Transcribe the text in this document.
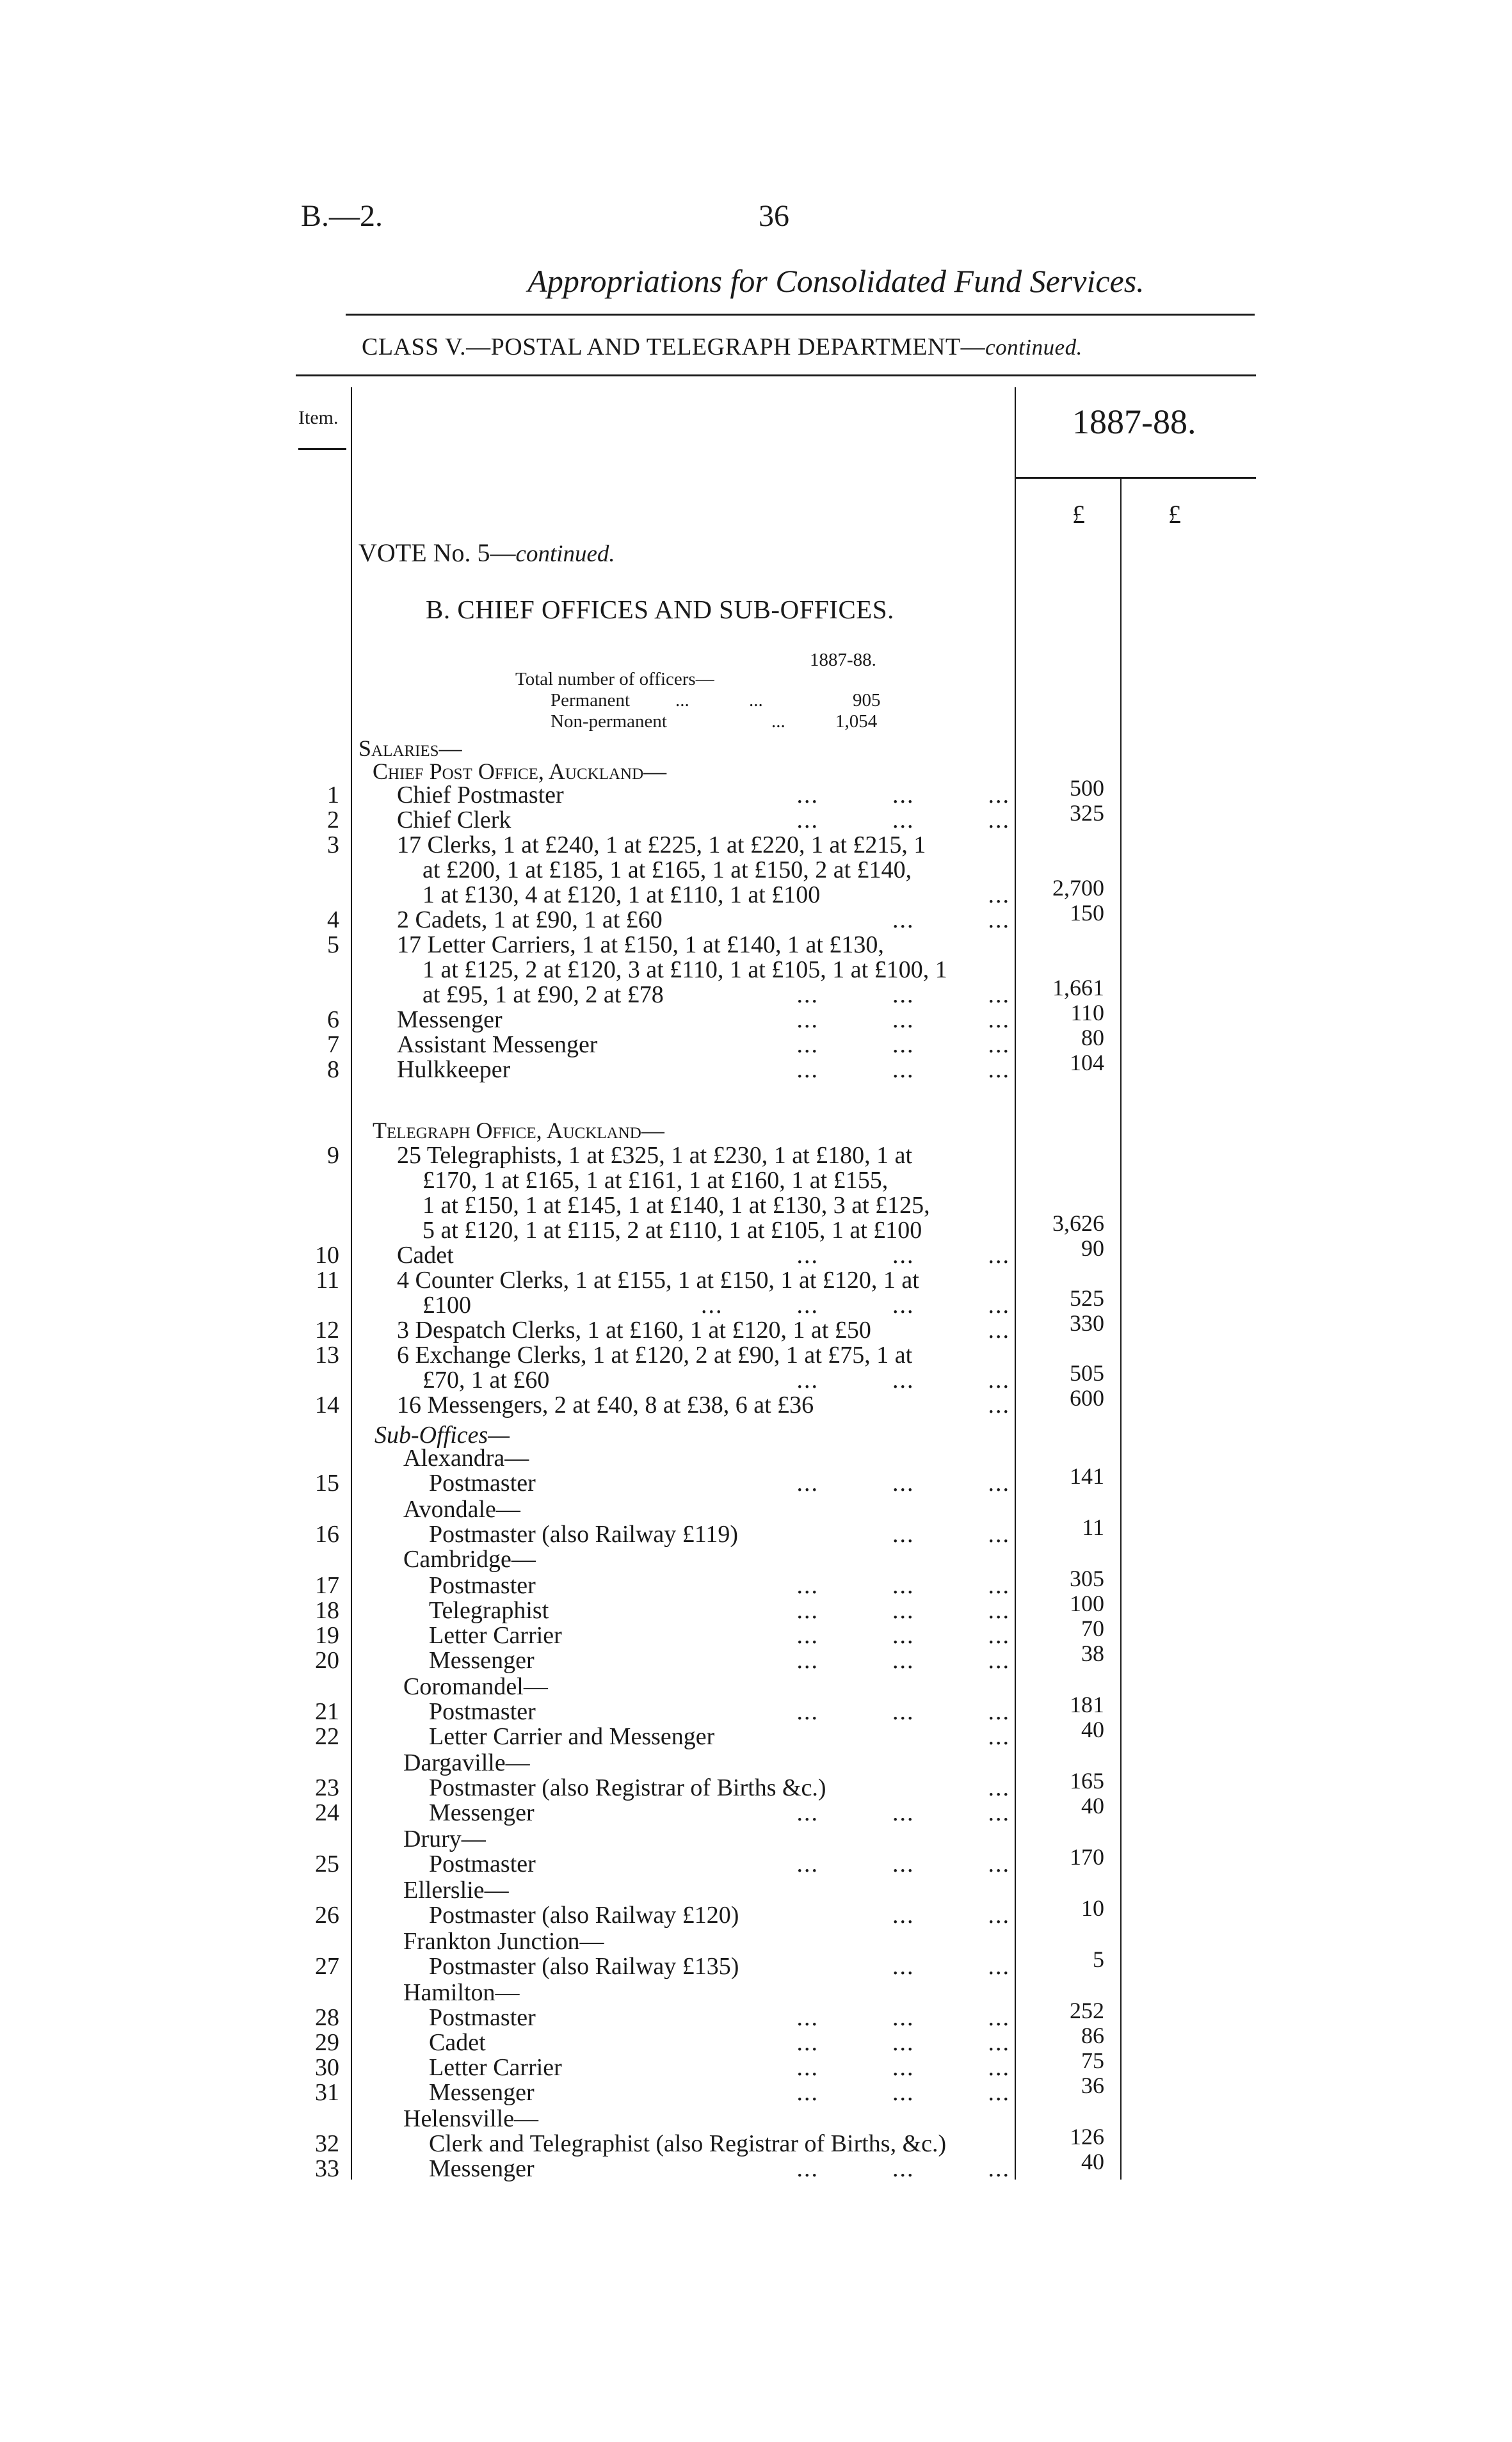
B.—2.	36
Appropriations for Consolidated Fund Services.
CLASS V.—POSTAL AND TELEGRAPH DEPARTMENT—continued.
Item.	1887-88.
£	£
VOTE No. 5—continued.
B. CHIEF OFFICES AND SUB-OFFICES.
1887-88.
Total number of officers—
Permanent ...	...	905
Non-permanent	...	1,054
Salaries—
Chief Post Office, Auckland—
Telegraph Office, Auckland—
Sub-Offices—
1 Chief Postmaster	...          ...          ...	500
2 Chief Clerk	...          ...          ...	325
3 17 Clerks, 1 at £240, 1 at £225, 1 at £220, 1 at £215, 1
at £200, 1 at £185, 1 at £165, 1 at £150, 2 at £140,
1 at £130, 4 at £120, 1 at £110, 1 at £100	...	2,700
4 2 Cadets, 1 at £90, 1 at £60	...          ...	150
5 17 Letter Carriers, 1 at £150, 1 at £140, 1 at £130,
1 at £125, 2 at £120, 3 at £110, 1 at £105, 1 at £100, 1
at £95, 1 at £90, 2 at £78	...          ...          ...	1,661
6 Messenger	...          ...          ...	110
7 Assistant Messenger	...          ...          ...	80
8 Hulkkeeper	...          ...          ...	104
9 25 Telegraphists, 1 at £325, 1 at £230, 1 at £180, 1 at
£170, 1 at £165, 1 at £161, 1 at £160, 1 at £155,
1 at £150, 1 at £145, 1 at £140, 1 at £130, 3 at £125,
5 at £120, 1 at £115, 2 at £110, 1 at £105, 1 at £100	3,626
10 Cadet	...          ...          ...	90
11 4 Counter Clerks, 1 at £155, 1 at £150, 1 at £120, 1 at
£100	...          ...          ...          ...	525
12 3 Despatch Clerks, 1 at £160, 1 at £120, 1 at £50	...	330
13 6 Exchange Clerks, 1 at £120, 2 at £90, 1 at £75, 1 at
£70, 1 at £60	...          ...          ...	505
14 16 Messengers, 2 at £40, 8 at £38, 6 at £36	...	600
Alexandra—
15	Postmaster	...          ...          ...	141
Avondale—
16	Postmaster (also Railway £119)	...          ...	11
Cambridge—
17	Postmaster	...          ...          ...	305
18	Telegraphist	...          ...          ...	100
19	Letter Carrier	...          ...          ...	70
20	Messenger	...          ...          ...	38
Coromandel—
21	Postmaster	...          ...          ...	181
22	Letter Carrier and Messenger	...	40
Dargaville—
23	Postmaster (also Registrar of Births &c.)	...	165
24	Messenger	...          ...          ...	40
Drury—
25	Postmaster	...          ...          ...	170
Ellerslie—
26	Postmaster (also Railway £120)	...          ...	10
Frankton Junction—
27	Postmaster (also Railway £135)	...          ...	5
Hamilton—
28	Postmaster	...          ...          ...	252
29	Cadet	...          ...          ...	86
30	Letter Carrier	...          ...          ...	75
31	Messenger	...          ...          ...	36
Helensville—
32	Clerk and Telegraphist (also Registrar of Births, &c.)	126
33	Messenger	...          ...          ...	40
